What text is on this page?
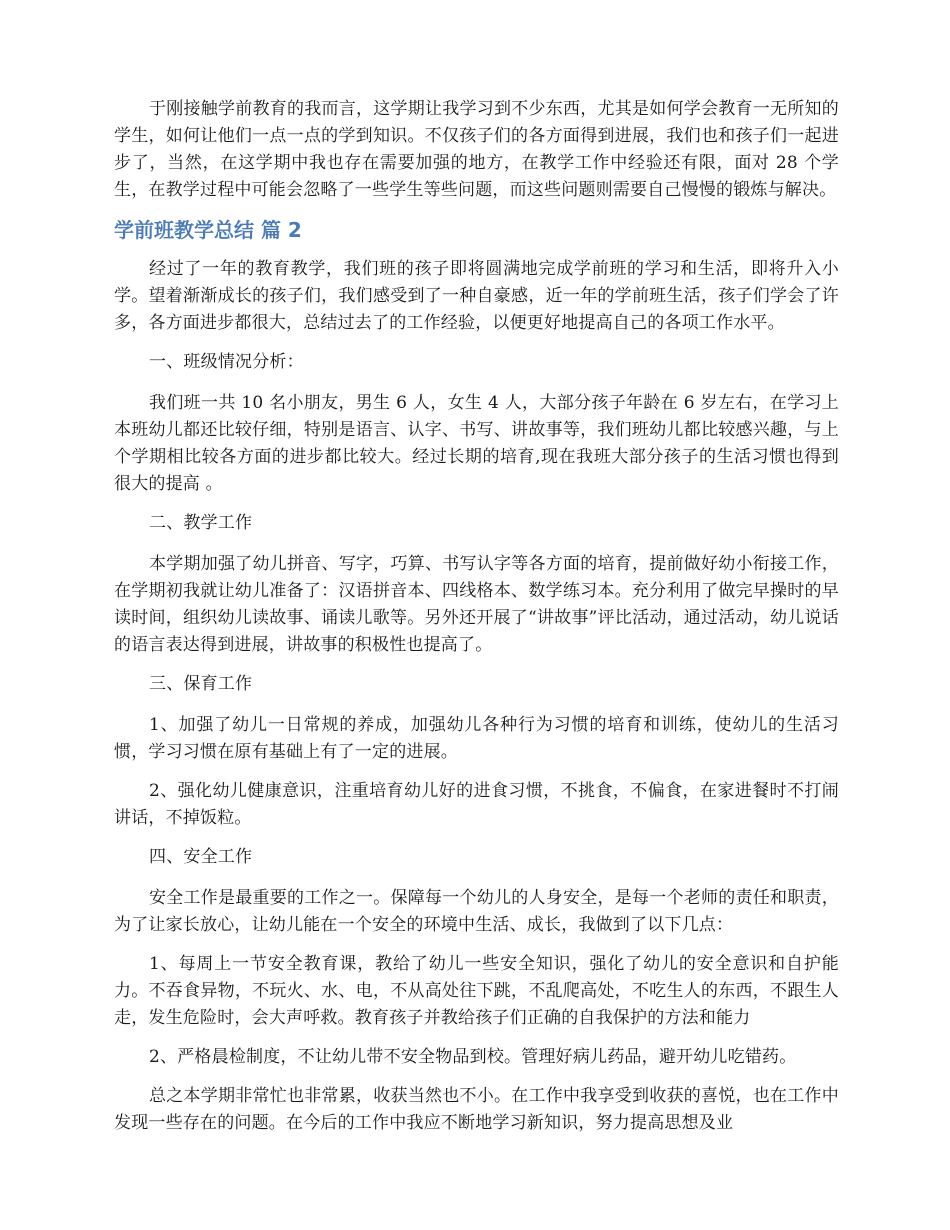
于刚接触学前教育的我而言，这学期让我学习到不少东西，尤其是如何学会教育一无所知的学生，如何让他们一点一点的学到知识。不仅孩子们的各方面得到进展，我们也和孩子们一起进步了，当然，在这学期中我也存在需要加强的地方，在教学工作中经验还有限，面对 28 个学生，在教学过程中可能会忽略了一些学生等些问题，而这些问题则需要自己慢慢的锻炼与解决。

学前班教学总结 篇 2

经过了一年的教育教学，我们班的孩子即将圆满地完成学前班的学习和生活，即将升入小学。望着渐渐成长的孩子们，我们感受到了一种自豪感，近一年的学前班生活，孩子们学会了许多，各方面进步都很大，总结过去了的工作经验，以便更好地提高自己的各项工作水平。

一、班级情况分析：

我们班一共 10 名小朋友，男生 6 人，女生 4 人，大部分孩子年龄在 6 岁左右，在学习上本班幼儿都还比较仔细，特别是语言、认字、书写、讲故事等，我们班幼儿都比较感兴趣，与上个学期相比较各方面的进步都比较大。经过长期的培育,现在我班大部分孩子的生活习惯也得到很大的提高 。

二、教学工作

本学期加强了幼儿拼音、写字，巧算、书写认字等各方面的培育，提前做好幼小衔接工作，在学期初我就让幼儿准备了：汉语拼音本、四线格本、数学练习本。充分利用了做完早操时的早读时间，组织幼儿读故事、诵读儿歌等。另外还开展了“讲故事”评比活动，通过活动，幼儿说话的语言表达得到进展，讲故事的积极性也提高了。

三、保育工作

1、加强了幼儿一日常规的养成，加强幼儿各种行为习惯的培育和训练，使幼儿的生活习惯，学习习惯在原有基础上有了一定的进展。

2、强化幼儿健康意识，注重培育幼儿好的进食习惯，不挑食，不偏食，在家进餐时不打闹讲话，不掉饭粒。

四、安全工作

安全工作是最重要的工作之一。保障每一个幼儿的人身安全，是每一个老师的责任和职责，为了让家长放心，让幼儿能在一个安全的环境中生活、成长，我做到了以下几点：

1、每周上一节安全教育课，教给了幼儿一些安全知识，强化了幼儿的安全意识和自护能力。不吞食异物，不玩火、水、电，不从高处往下跳，不乱爬高处，不吃生人的东西，不跟生人走，发生危险时，会大声呼救。教育孩子并教给孩子们正确的自我保护的方法和能力

2、严格晨检制度，不让幼儿带不安全物品到校。管理好病儿药品，避开幼儿吃错药。

总之本学期非常忙也非常累，收获当然也不小。在工作中我享受到收获的喜悦，也在工作中发现一些存在的问题。在今后的工作中我应不断地学习新知识，努力提高思想及业
